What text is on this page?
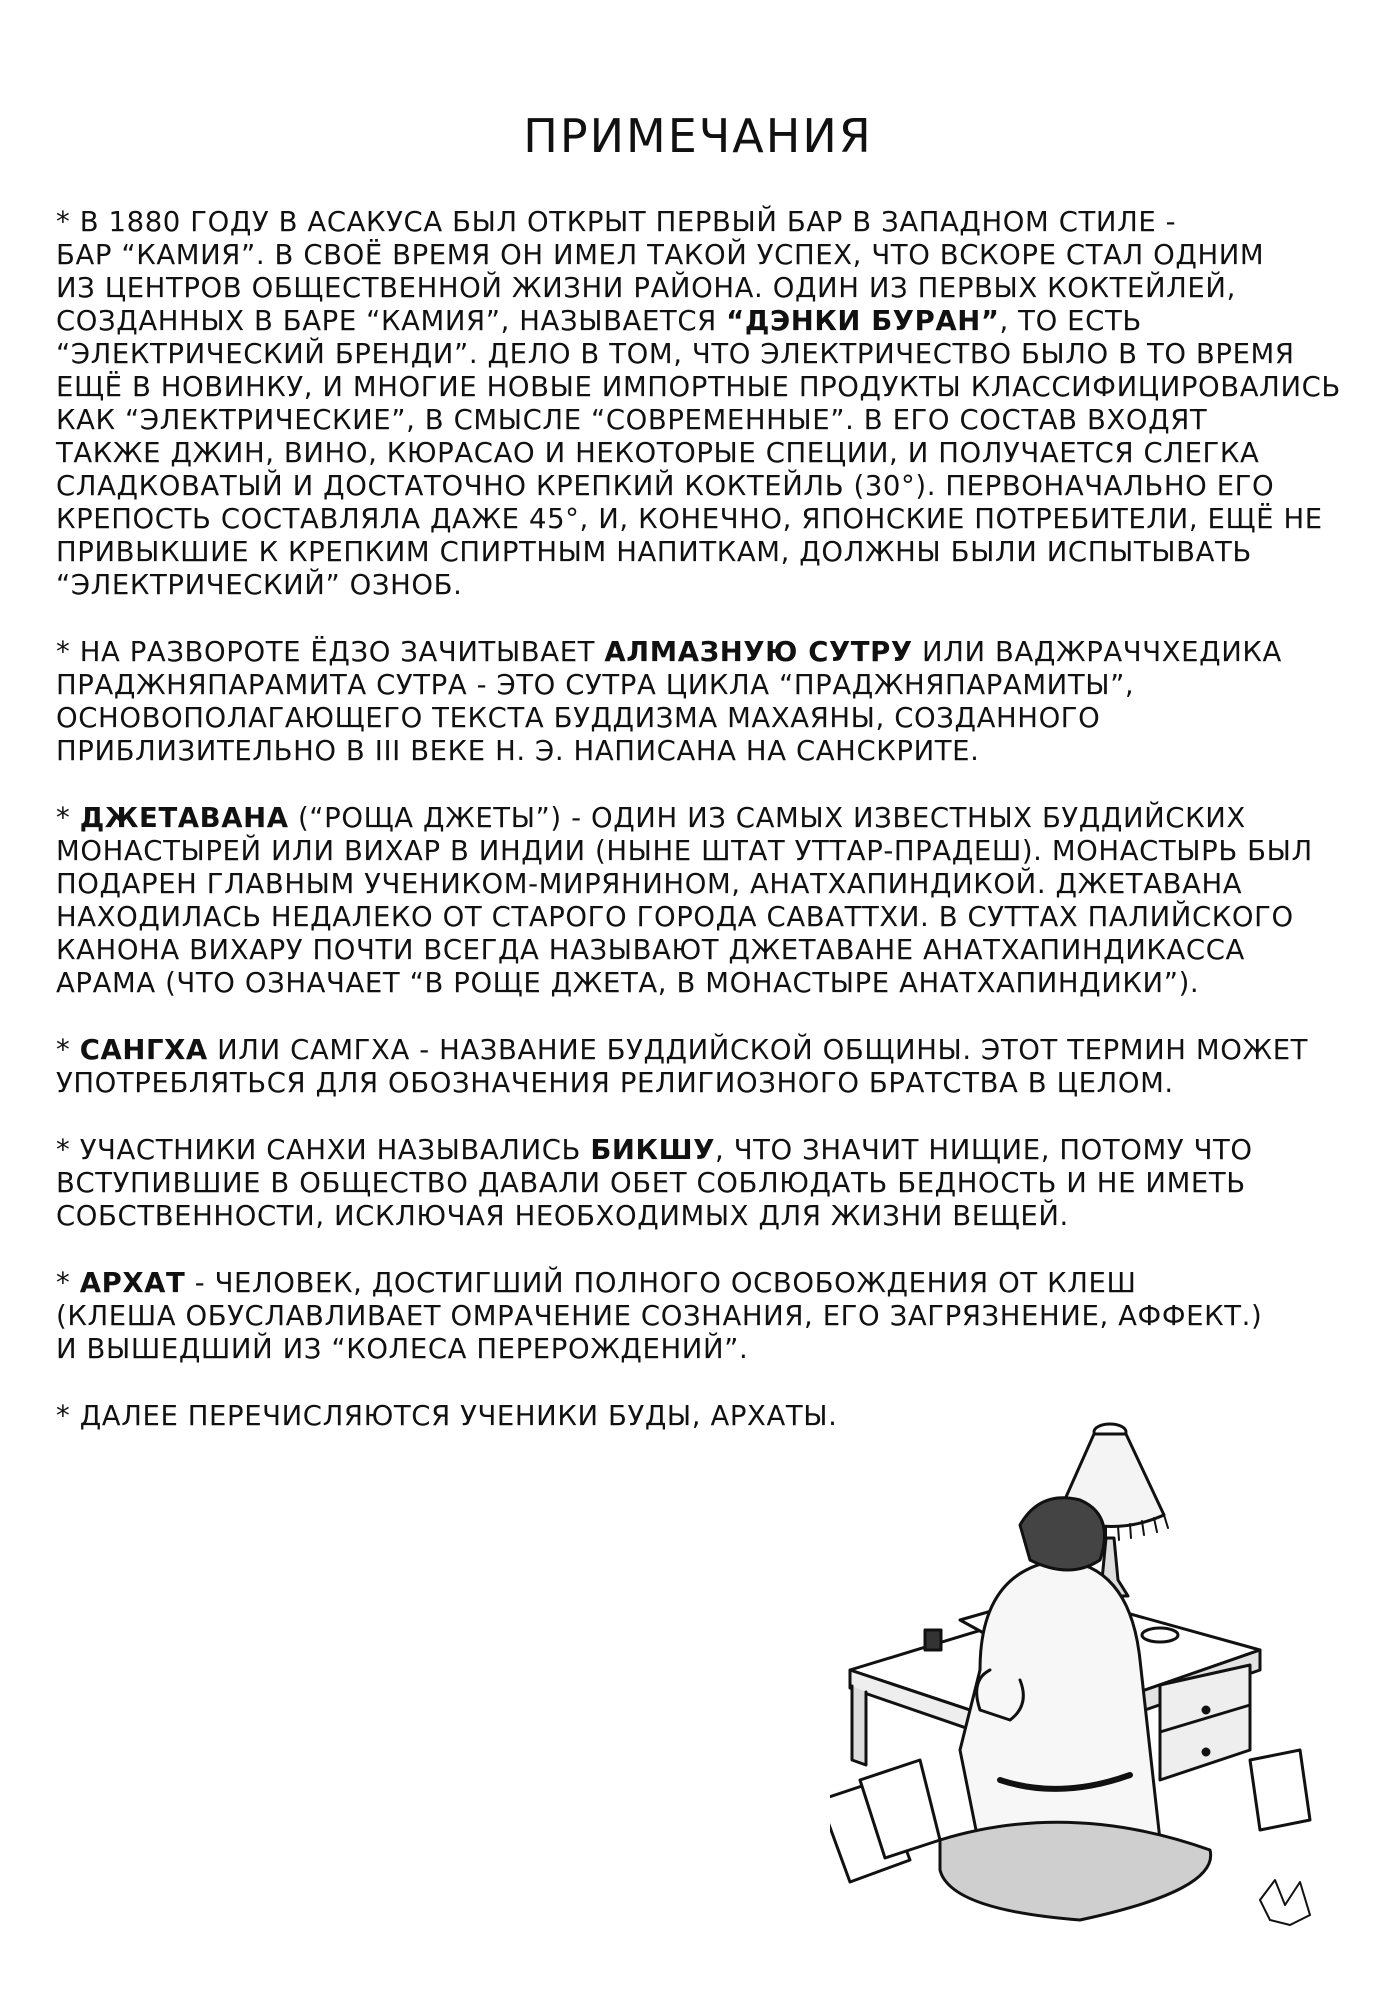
ПРИМЕЧАНИЯ

* В 1880 ГОДУ В АСАКУСА БЫЛ ОТКРЫТ ПЕРВЫЙ БАР В ЗАПАДНОМ СТИЛЕ -
БАР “КАМИЯ”. В СВОЁ ВРЕМЯ ОН ИМЕЛ ТАКОЙ УСПЕХ, ЧТО ВСКОРЕ СТАЛ ОДНИМ
ИЗ ЦЕНТРОВ ОБЩЕСТВЕННОЙ ЖИЗНИ РАЙОНА. ОДИН ИЗ ПЕРВЫХ КОКТЕЙЛЕЙ,
СОЗДАННЫХ В БАРЕ “КАМИЯ”, НАЗЫВАЕТСЯ “ДЭНКИ БУРАН”, ТО ЕСТЬ
“ЭЛЕКТРИЧЕСКИЙ БРЕНДИ”. ДЕЛО В ТОМ, ЧТО ЭЛЕКТРИЧЕСТВО БЫЛО В ТО ВРЕМЯ
ЕЩЁ В НОВИНКУ, И МНОГИЕ НОВЫЕ ИМПОРТНЫЕ ПРОДУКТЫ КЛАССИФИЦИРОВАЛИСЬ
КАК “ЭЛЕКТРИЧЕСКИЕ”, В СМЫСЛЕ “СОВРЕМЕННЫЕ”. В ЕГО СОСТАВ ВХОДЯТ
ТАКЖЕ ДЖИН, ВИНО, КЮРАСАО И НЕКОТОРЫЕ СПЕЦИИ, И ПОЛУЧАЕТСЯ СЛЕГКА
СЛАДКОВАТЫЙ И ДОСТАТОЧНО КРЕПКИЙ КОКТЕЙЛЬ (30°). ПЕРВОНАЧАЛЬНО ЕГО
КРЕПОСТЬ СОСТАВЛЯЛА ДАЖЕ 45°, И, КОНЕЧНО, ЯПОНСКИЕ ПОТРЕБИТЕЛИ, ЕЩЁ НЕ
ПРИВЫКШИЕ К КРЕПКИМ СПИРТНЫМ НАПИТКАМ, ДОЛЖНЫ БЫЛИ ИСПЫТЫВАТЬ
“ЭЛЕКТРИЧЕСКИЙ” ОЗНОБ.

* НА РАЗВОРОТЕ ЁДЗО ЗАЧИТЫВАЕТ АЛМАЗНУЮ СУТРУ ИЛИ ВАДЖРАЧЧХЕДИКА
ПРАДЖНЯПАРАМИТА СУТРА - ЭТО СУТРА ЦИКЛА “ПРАДЖНЯПАРАМИТЫ”,
ОСНОВОПОЛАГАЮЩЕГО ТЕКСТА БУДДИЗМА МАХАЯНЫ, СОЗДАННОГО
ПРИБЛИЗИТЕЛЬНО В III ВЕКЕ Н. Э. НАПИСАНА НА САНСКРИТЕ.

* ДЖЕТАВАНА (“РОЩА ДЖЕТЫ”) - ОДИН ИЗ САМЫХ ИЗВЕСТНЫХ БУДДИЙСКИХ
МОНАСТЫРЕЙ ИЛИ ВИХАР В ИНДИИ (НЫНЕ ШТАТ УТТАР-ПРАДЕШ). МОНАСТЫРЬ БЫЛ
ПОДАРЕН ГЛАВНЫМ УЧЕНИКОМ-МИРЯНИНОМ, АНАТХАПИНДИКОЙ. ДЖЕТАВАНА
НАХОДИЛАСЬ НЕДАЛЕКО ОТ СТАРОГО ГОРОДА САВАТТХИ. В СУТТАХ ПАЛИЙСКОГО
КАНОНА ВИХАРУ ПОЧТИ ВСЕГДА НАЗЫВАЮТ ДЖЕТАВАНЕ АНАТХАПИНДИКАССА
АРАМА (ЧТО ОЗНАЧАЕТ “В РОЩЕ ДЖЕТА, В МОНАСТЫРЕ АНАТХАПИНДИКИ”).

* САНГХА ИЛИ САМГХА - НАЗВАНИЕ БУДДИЙСКОЙ ОБЩИНЫ. ЭТОТ ТЕРМИН МОЖЕТ
УПОТРЕБЛЯТЬСЯ ДЛЯ ОБОЗНАЧЕНИЯ РЕЛИГИОЗНОГО БРАТСТВА В ЦЕЛОМ.

* УЧАСТНИКИ САНХИ НАЗЫВАЛИСЬ БИКШУ, ЧТО ЗНАЧИТ НИЩИЕ, ПОТОМУ ЧТО
ВСТУПИВШИЕ В ОБЩЕСТВО ДАВАЛИ ОБЕТ СОБЛЮДАТЬ БЕДНОСТЬ И НЕ ИМЕТЬ
СОБСТВЕННОСТИ, ИСКЛЮЧАЯ НЕОБХОДИМЫХ ДЛЯ ЖИЗНИ ВЕЩЕЙ.

* АРХАТ - ЧЕЛОВЕК, ДОСТИГШИЙ ПОЛНОГО ОСВОБОЖДЕНИЯ ОТ КЛЕШ
(КЛЕША ОБУСЛАВЛИВАЕТ ОМРАЧЕНИЕ СОЗНАНИЯ, ЕГО ЗАГРЯЗНЕНИЕ, АФФЕКТ.)
И ВЫШЕДШИЙ ИЗ “КОЛЕСА ПЕРЕРОЖДЕНИЙ”.

* ДАЛЕЕ ПЕРЕЧИСЛЯЮТСЯ УЧЕНИКИ БУДЫ, АРХАТЫ.
